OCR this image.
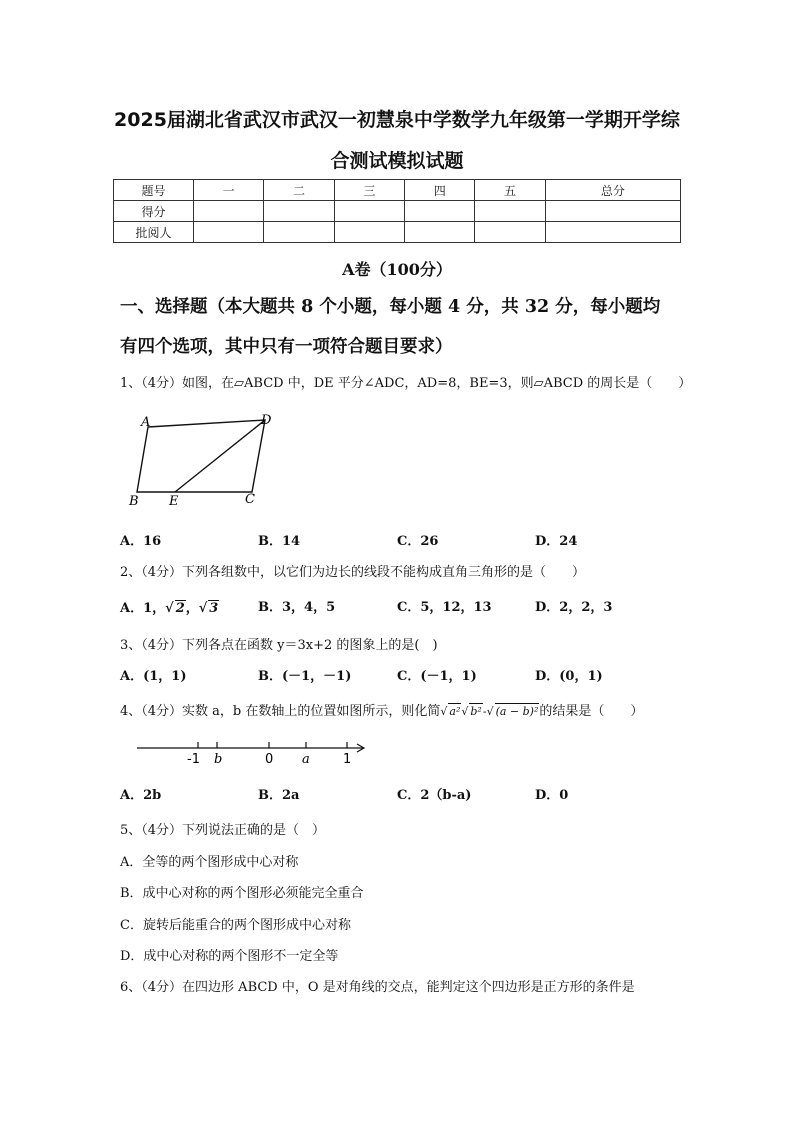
2025届湖北省武汉市武汉一初慧泉中学数学九年级第一学期开学综
合测试模拟试题
题号	一	二	三	四	五	总分
得分						
批阅人						
A卷（100分）
一、选择题（本大题共 8 个小题，每小题 4 分，共 32 分，每小题均
有四个选项，其中只有一项符合题目要求）
1、（4分）如图，在▱ABCD 中，DE 平分∠ADC，AD=8，BE=3，则▱ABCD 的周长是（　　）
A	D
B E	C
A．16	B．14	C．26	D．24
2、（4分）下列各组数中，以它们为边长的线段不能构成直角三角形的是（　　）
A．1，√ 2，√ 3	B．3，4，5	C．5，12，13	D．2，2，3
3、（4分）下列各点在函数 y＝3x+2 的图象上的是(　)
A．(1，1)	B．(－1，－1)	C．(－1，1)	D．(0，1)
4、（4分）实数 a，b 在数轴上的位置如图所示，则化简√ a²√ b²-√ (a − b)²的结果是（　　）
-1 b	0 a	1
A．2b	B．2a	C．2（b-a)	D．0
5、（4分）下列说法正确的是（　）
A．全等的两个图形成中心对称
B．成中心对称的两个图形必须能完全重合
C．旋转后能重合的两个图形成中心对称
D．成中心对称的两个图形不一定全等
6、（4分）在四边形 ABCD 中，O 是对角线的交点，能判定这个四边形是正方形的条件是
